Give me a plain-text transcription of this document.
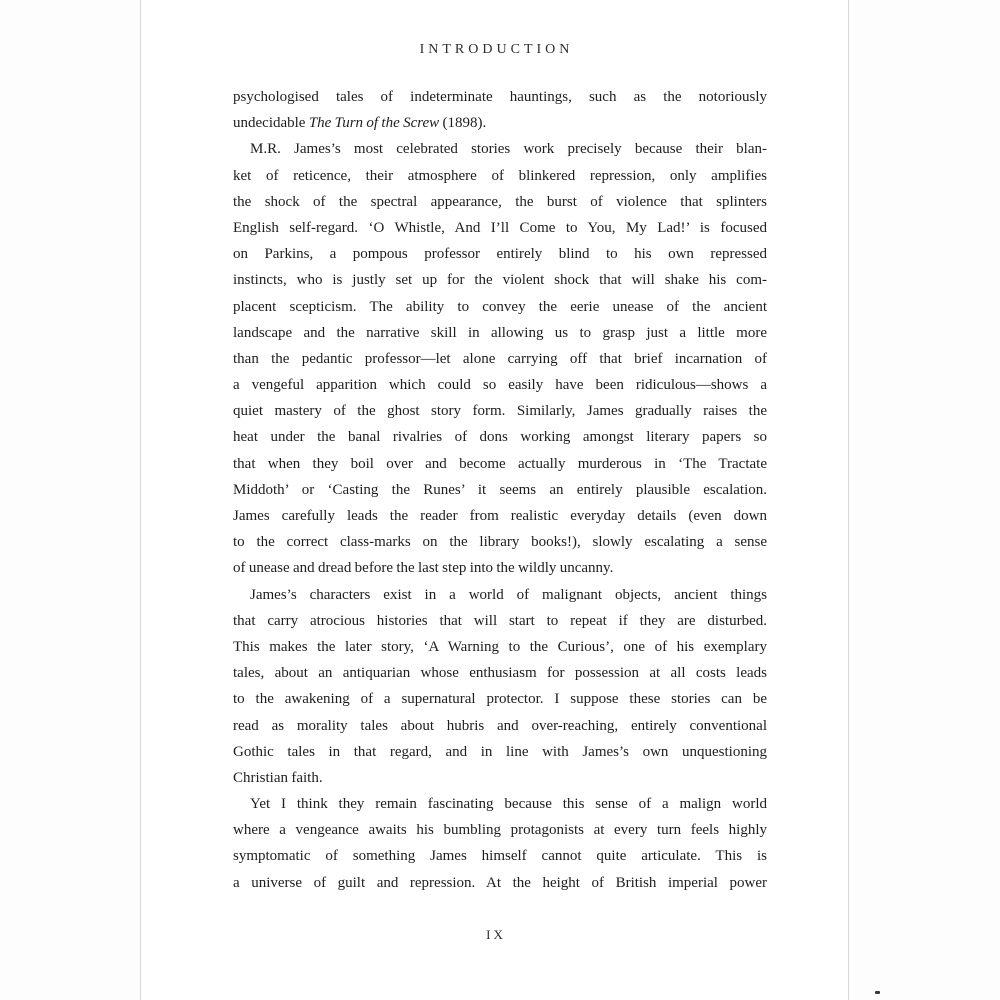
INTRODUCTION
psychologised tales of indeterminate hauntings, such as the notoriously
undecidable The Turn of the Screw (1898).
M.R. James’s most celebrated stories work precisely because their blan-
ket of reticence, their atmosphere of blinkered repression, only amplifies
the shock of the spectral appearance, the burst of violence that splinters
English self-regard. ‘O Whistle, And I’ll Come to You, My Lad!’ is focused
on Parkins, a pompous professor entirely blind to his own repressed
instincts, who is justly set up for the violent shock that will shake his com-
placent scepticism. The ability to convey the eerie unease of the ancient
landscape and the narrative skill in allowing us to grasp just a little more
than the pedantic professor—let alone carrying off that brief incarnation of
a vengeful apparition which could so easily have been ridiculous—shows a
quiet mastery of the ghost story form. Similarly, James gradually raises the
heat under the banal rivalries of dons working amongst literary papers so
that when they boil over and become actually murderous in ‘The Tractate
Middoth’ or ‘Casting the Runes’ it seems an entirely plausible escalation.
James carefully leads the reader from realistic everyday details (even down
to the correct class-marks on the library books!), slowly escalating a sense
of unease and dread before the last step into the wildly uncanny.
James’s characters exist in a world of malignant objects, ancient things
that carry atrocious histories that will start to repeat if they are disturbed.
This makes the later story, ‘A Warning to the Curious’, one of his exemplary
tales, about an antiquarian whose enthusiasm for possession at all costs leads
to the awakening of a supernatural protector. I suppose these stories can be
read as morality tales about hubris and over-reaching, entirely conventional
Gothic tales in that regard, and in line with James’s own unquestioning
Christian faith.
Yet I think they remain fascinating because this sense of a malign world
where a vengeance awaits his bumbling protagonists at every turn feels highly
symptomatic of something James himself cannot quite articulate. This is
a universe of guilt and repression. At the height of British imperial power
IX
